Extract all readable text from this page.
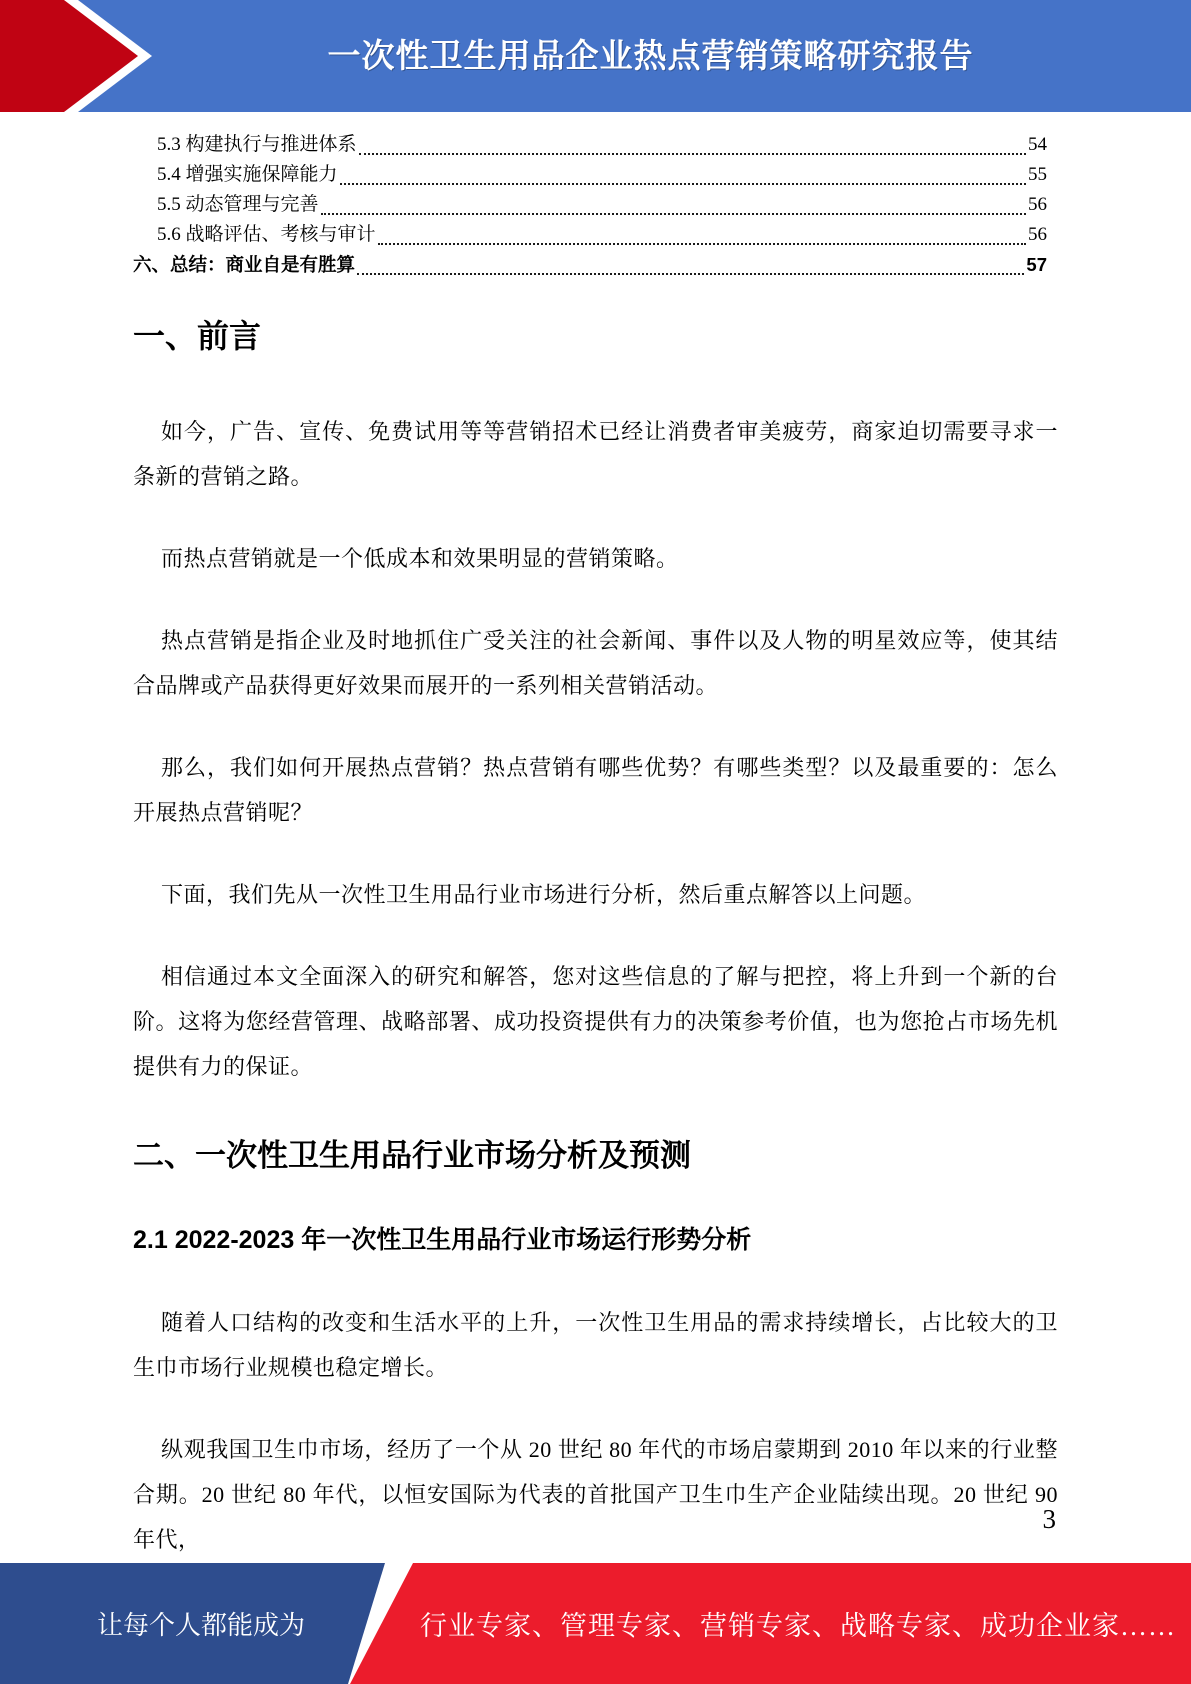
一次性卫生用品企业热点营销策略研究报告
5.3 构建执行与推进体系	54
5.4 增强实施保障能力	55
5.5 动态管理与完善	56
5.6 战略评估、考核与审计	56
六、总结：商业自是有胜算	57
一、前言

如今，广告、宣传、免费试用等等营销招术已经让消费者审美疲劳，商家迫切需要寻求一条新的营销之路。

而热点营销就是一个低成本和效果明显的营销策略。

热点营销是指企业及时地抓住广受关注的社会新闻、事件以及人物的明星效应等，使其结合品牌或产品获得更好效果而展开的一系列相关营销活动。

那么，我们如何开展热点营销？热点营销有哪些优势？有哪些类型？以及最重要的：怎么开展热点营销呢？

下面，我们先从一次性卫生用品行业市场进行分析，然后重点解答以上问题。

相信通过本文全面深入的研究和解答，您对这些信息的了解与把控，将上升到一个新的台阶。这将为您经营管理、战略部署、成功投资提供有力的决策参考价值，也为您抢占市场先机提供有力的保证。

二、一次性卫生用品行业市场分析及预测
2.1 2022-2023 年一次性卫生用品行业市场运行形势分析

随着人口结构的改变和生活水平的上升，一次性卫生用品的需求持续增长，占比较大的卫生巾市场行业规模也稳定增长。

纵观我国卫生巾市场，经历了一个从 20 世纪 80 年代的市场启蒙期到 2010 年以来的行业整合期。20 世纪 80 年代，以恒安国际为代表的首批国产卫生巾生产企业陆续出现。20 世纪 90 年代，

3
让每个人都能成为	行业专家、管理专家、营销专家、战略专家、成功企业家……
